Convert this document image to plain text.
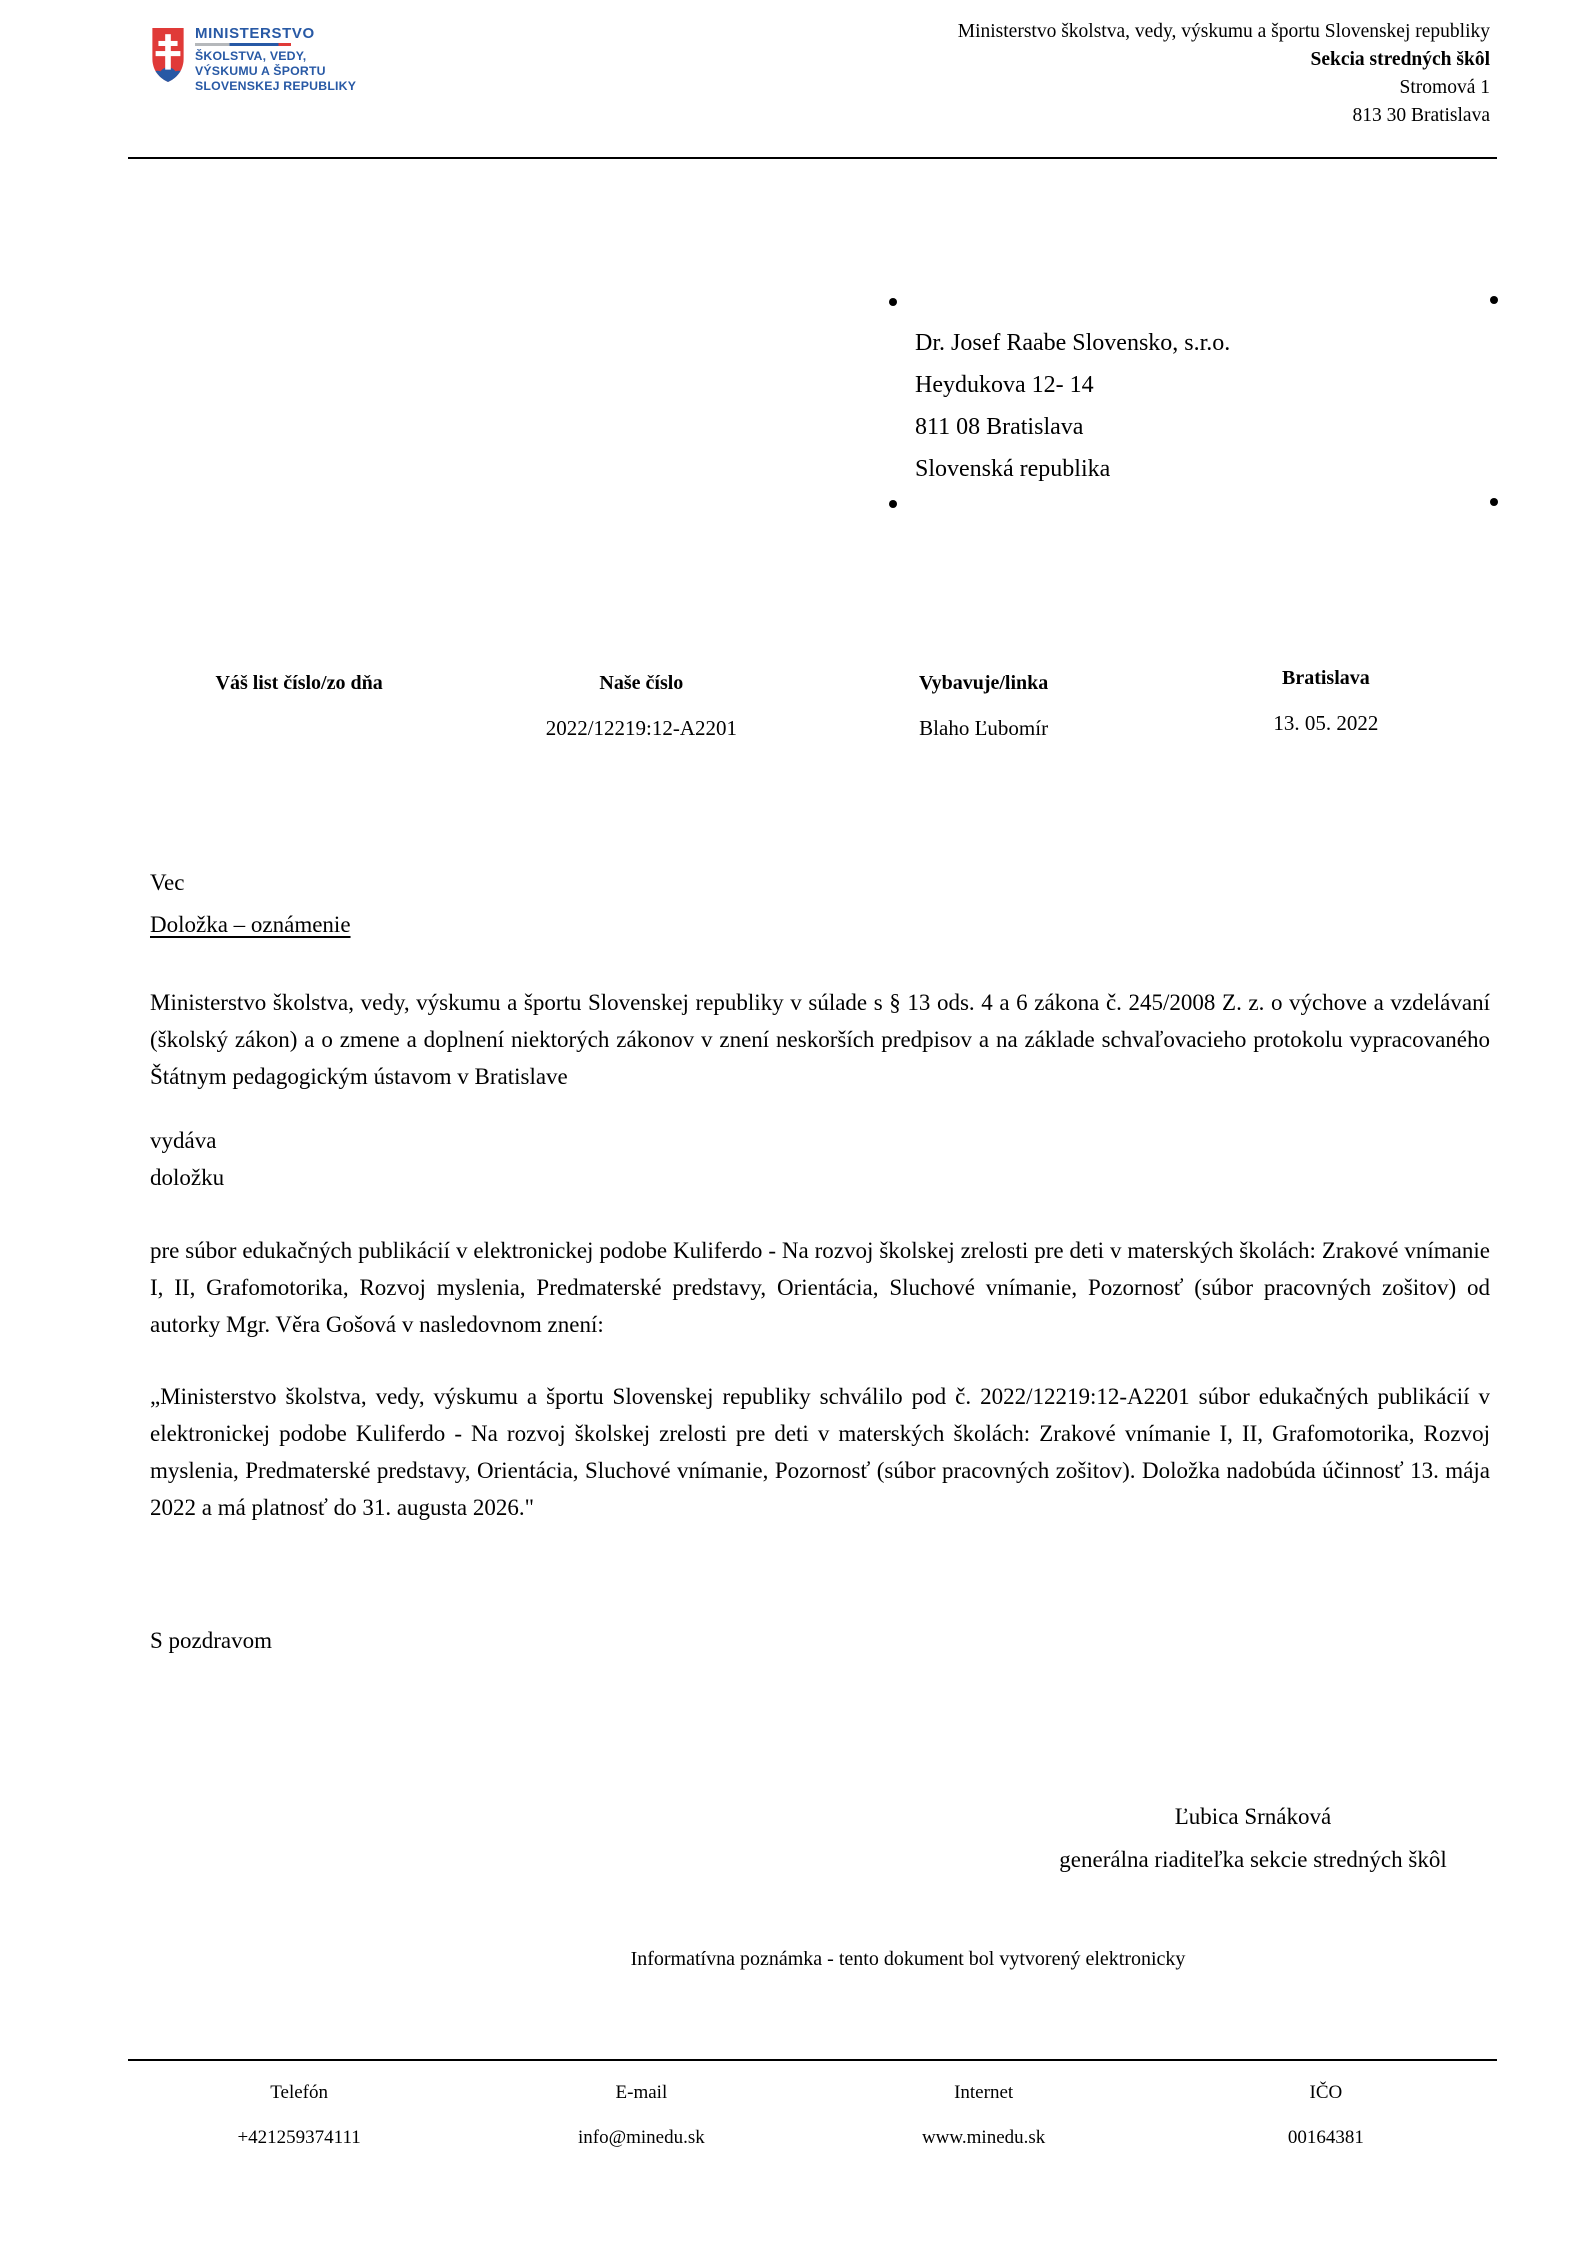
MINISTERSTVO
ŠKOLSTVA, VEDY,
VÝSKUMU A ŠPORTU
SLOVENSKEJ REPUBLIKY
Ministerstvo školstva, vedy, výskumu a športu Slovenskej republiky
Sekcia stredných škôl
Stromová 1
813 30 Bratislava
Dr. Josef Raabe Slovensko, s.r.o.
Heydukova 12- 14
811 08 Bratislava
Slovenská republika
Váš list číslo/zo dňa	Naše číslo
2022/12219:12-A2201
Vybavuje/linka
Blaho Ľubomír
Bratislava
13. 05. 2022
Vec
Doložka – oznámenie
Ministerstvo školstva, vedy, výskumu a športu Slovenskej republiky v súlade s § 13 ods. 4 a 6 zákona č. 245/2008 Z. z. o výchove a vzdelávaní (školský zákon) a o zmene a doplnení niektorých zákonov v znení neskorších predpisov a na základe schvaľovacieho protokolu vypracovaného Štátnym pedagogickým ústavom v Bratislave
vydáva
doložku
pre súbor edukačných publikácií v elektronickej podobe Kuliferdo - Na rozvoj školskej zrelosti pre deti v materských školách: Zrakové vnímanie I, II, Grafomotorika, Rozvoj myslenia, Predmaterské predstavy, Orientácia, Sluchové vnímanie, Pozornosť (súbor pracovných zošitov) od autorky Mgr. Věra Gošová v nasledovnom znení:
„Ministerstvo školstva, vedy, výskumu a športu Slovenskej republiky schválilo pod č. 2022/12219:12-A2201 súbor edukačných publikácií v elektronickej podobe Kuliferdo - Na rozvoj školskej zrelosti pre deti v materských školách: Zrakové vnímanie I, II, Grafomotorika, Rozvoj myslenia, Predmaterské predstavy, Orientácia, Sluchové vnímanie, Pozornosť (súbor pracovných zošitov). Doložka nadobúda účinnosť 13. mája 2022 a má platnosť do 31. augusta 2026."
S pozdravom
Ľubica Srnáková
generálna riaditeľka sekcie stredných škôl
Informatívna poznámka - tento dokument bol vytvorený elektronicky
Telefón
+421259374111
E-mail
info@minedu.sk
Internet
www.minedu.sk
IČO
00164381
